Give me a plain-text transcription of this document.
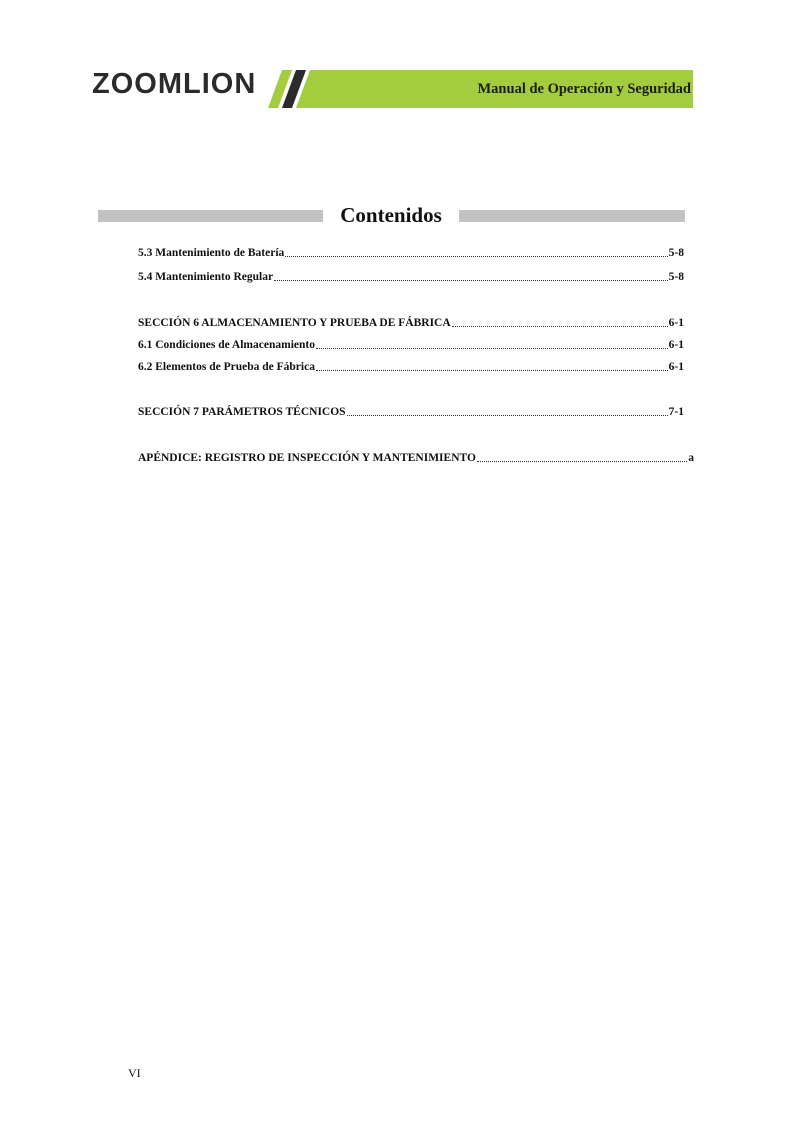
ZOOMLION	Manual de Operación y Seguridad
Contenidos
5.3 Mantenimiento de Batería	5-8
5.4 Mantenimiento Regular	5-8
SECCIÓN 6 ALMACENAMIENTO Y PRUEBA DE FÁBRICA	6-1
6.1 Condiciones de Almacenamiento	6-1
6.2 Elementos de Prueba de Fábrica	6-1
SECCIÓN 7 PARÁMETROS TÉCNICOS	7-1
APÉNDICE: REGISTRO DE INSPECCIÓN Y MANTENIMIENTO	a
VI
